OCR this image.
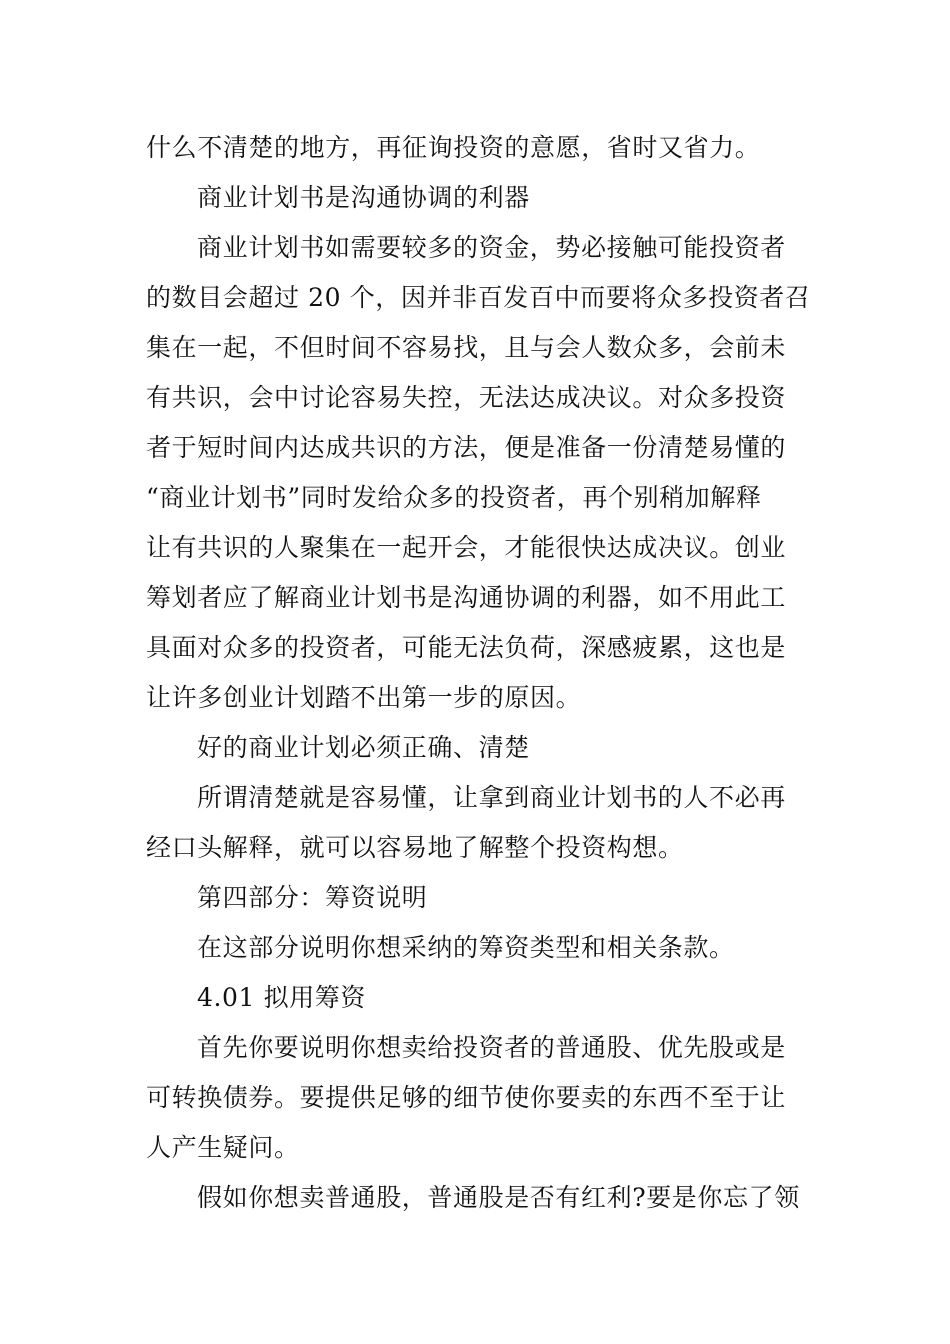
什么不清楚的地方，再征询投资的意愿，省时又省力。
商业计划书是沟通协调的利器
商业计划书如需要较多的资金，势必接触可能投资者
的数目会超过 20 个，因并非百发百中而要将众多投资者召
集在一起，不但时间不容易找，且与会人数众多，会前未
有共识，会中讨论容易失控，无法达成决议。对众多投资
者于短时间内达成共识的方法，便是准备一份清楚易懂的
“商业计划书”同时发给众多的投资者，再个别稍加解释
让有共识的人聚集在一起开会，才能很快达成决议。创业
筹划者应了解商业计划书是沟通协调的利器，如不用此工
具面对众多的投资者，可能无法负荷，深感疲累，这也是
让许多创业计划踏不出第一步的原因。
好的商业计划必须正确、清楚
所谓清楚就是容易懂，让拿到商业计划书的人不必再
经口头解释，就可以容易地了解整个投资构想。
第四部分：筹资说明
在这部分说明你想采纳的筹资类型和相关条款。
4.01 拟用筹资
首先你要说明你想卖给投资者的普通股、优先股或是
可转换债券。要提供足够的细节使你要卖的东西不至于让
人产生疑问。
假如你想卖普通股，普通股是否有红利?要是你忘了领
